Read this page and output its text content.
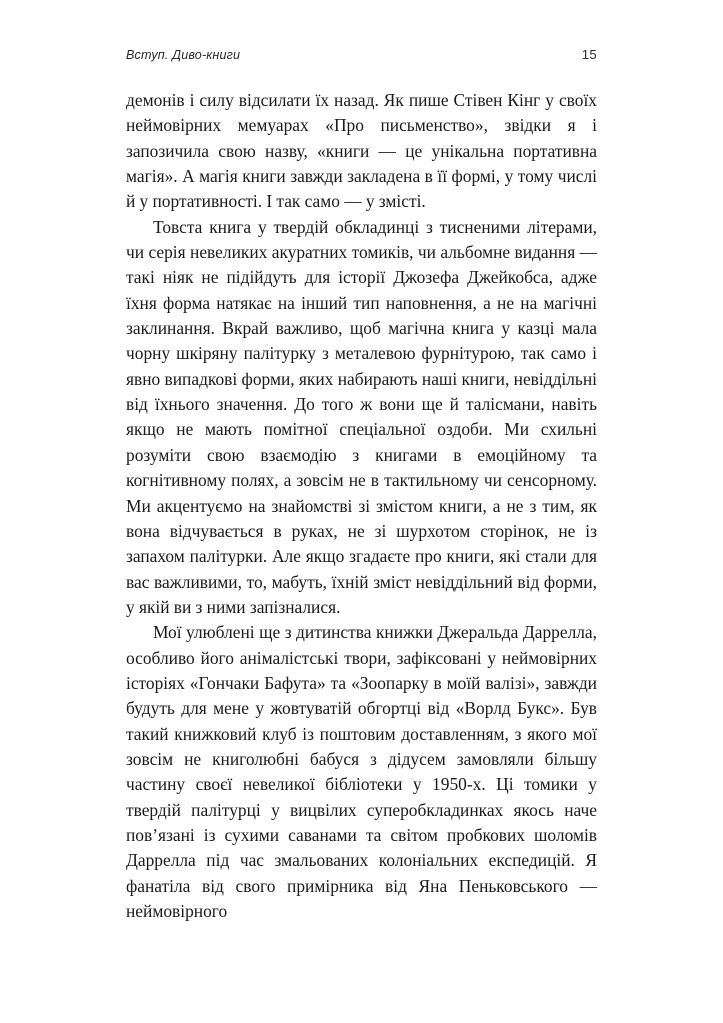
Вступ. Диво-книги	15

демонів і силу відсилати їх назад. Як пише Стівен Кінг у своїх неймовірних мемуарах «Про письменство», звідки я і запозичила свою назву, «книги — це унікальна портативна магія». А магія книги завжди закладена в її формі, у тому числі й у портативності. І так само — у змісті.

Товста книга у твердій обкладинці з тисненими літерами, чи серія невеликих акуратних томиків, чи альбомне видання — такі ніяк не підійдуть для історії Джозефа Джейкобса, адже їхня форма натякає на інший тип наповнення, а не на магічні заклинання. Вкрай важливо, щоб магічна книга у казці мала чорну шкіряну палітурку з металевою фурнітурою, так само і явно випадкові форми, яких набирають наші книги, невіддільні від їхнього значення. До того ж вони ще й талісмани, навіть якщо не мають помітної спеціальної оздоби. Ми схильні розуміти свою взаємодію з книгами в емоційному та когнітивному полях, а зовсім не в тактильному чи сенсорному. Ми акцентуємо на знайомстві зі змістом книги, а не з тим, як вона відчувається в руках, не зі шурхотом сторінок, не із запахом палітурки. Але якщо згадаєте про книги, які стали для вас важливими, то, мабуть, їхній зміст невіддільний від форми, у якій ви з ними запізналися.

Мої улюблені ще з дитинства книжки Джеральда Даррелла, особливо його анімалістські твори, зафіксовані у неймовірних історіях «Гончаки Бафута» та «Зоопарку в моїй валізі», завжди будуть для мене у жовтуватій обгортці від «Ворлд Букс». Був такий книжковий клуб із поштовим доставленням, з якого мої зовсім не книголюбні бабуся з дідусем замовляли більшу частину своєї невеликої бібліотеки у 1950-х. Ці томики у твердій палітурці у вицвілих суперобкладинках якось наче пов’язані із сухими саванами та світом пробкових шоломів Даррелла під час змальованих колоніальних експедицій. Я фанатіла від свого примірника від Яна Пеньковського — неймовірного
